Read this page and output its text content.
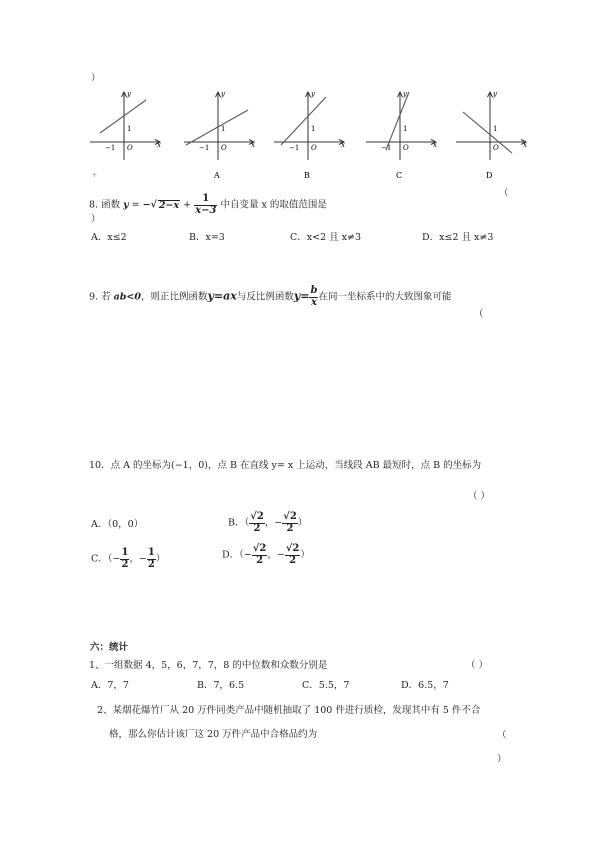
）
y
x
1
O
−1
y
x
1
O
−1
A
y
x
1
O
−1
B
y
x
1
O
−1
C
y
x
1
O
D
+
8. 函数 y = −√ $2-x + \frac{1}{x-3}$ 中自变量 x 的取值范围是
（
）
A．x≤2	B．x=3	C．x<2 且 x≠3	D．x≤2 且 x≠3
9. 若 ab<0，则正比例函数y=ax与反比例函数$y= \frac{b}{x}$ 在同一坐标系中的大致图象可能
（
10．点 A 的坐标为(−1，0)，点 B 在直线 y= x 上运动，当线段 AB 最短时，点 B 的坐标为
（ ）
A．（0，0）	B．（ $\frac{√2}{2}$ ，− $\frac{√2}{2}$ ）
C．（− $\frac{1}{2}$ ，− $\frac{1}{2}$ ）	D．（− $\frac{√2}{2}$ ，− $\frac{√2}{2}$ ）
六：统计
1、一组数据 4，5，6，7，7，8 的中位数和众数分别是	（ ）
A．7，7	B．7，6.5	C．5.5，7	D．6.5，7
2、某烟花爆竹厂从 20 万件同类产品中随机抽取了 100 件进行质检，发现其中有 5 件不合
格，那么你估计该厂这 20 万件产品中合格品约为	（
）
